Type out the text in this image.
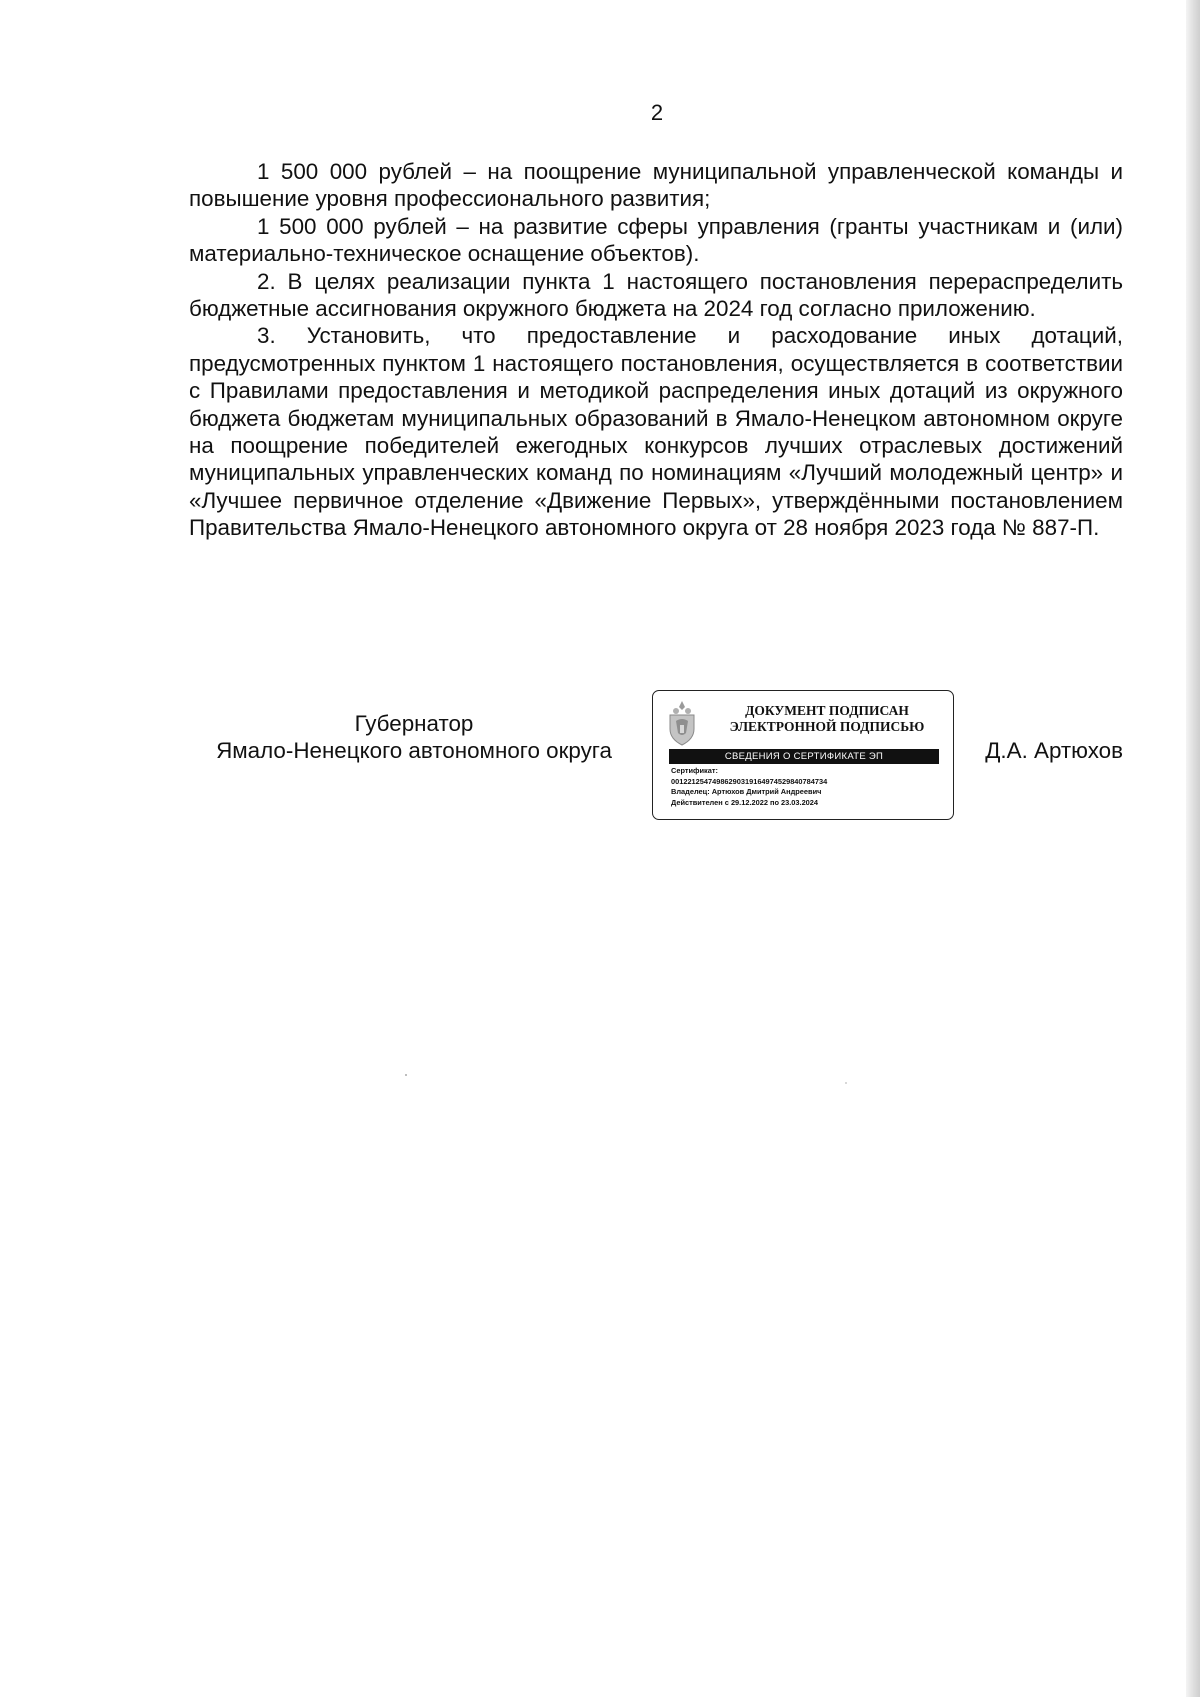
2

1 500 000 рублей – на поощрение муниципальной управленческой команды и повышение уровня профессионального развития;

1 500 000 рублей – на развитие сферы управления (гранты участникам и (или) материально-техническое оснащение объектов).

2. В целях реализации пункта 1 настоящего постановления перераспределить бюджетные ассигнования окружного бюджета на 2024 год согласно приложению.

3. Установить, что предоставление и расходование иных дотаций, предусмотренных пунктом 1 настоящего постановления, осуществляется в соответствии с Правилами предоставления и методикой распределения иных дотаций из окружного бюджета бюджетам муниципальных образований в Ямало-Ненецком автономном округе на поощрение победителей ежегодных конкурсов лучших отраслевых достижений муниципальных управленческих команд по номинациям «Лучший молодежный центр» и «Лучшее первичное отделение «Движение Первых», утверждёнными постановлением Правительства Ямало-Ненецкого автономного округа от 28 ноября 2023 года № 887-П.

Губернатор
Ямало-Ненецкого автономного округа
ДОКУМЕНТ ПОДПИСАН
ЭЛЕКТРОННОЙ ПОДПИСЬЮ
СВЕДЕНИЯ О СЕРТИФИКАТЕ ЭП
Сертификат:
00122125474986290319164974529840784734
Владелец: Артюхов Дмитрий Андреевич
Действителен с 29.12.2022 по 23.03.2024
Д.А. Артюхов
